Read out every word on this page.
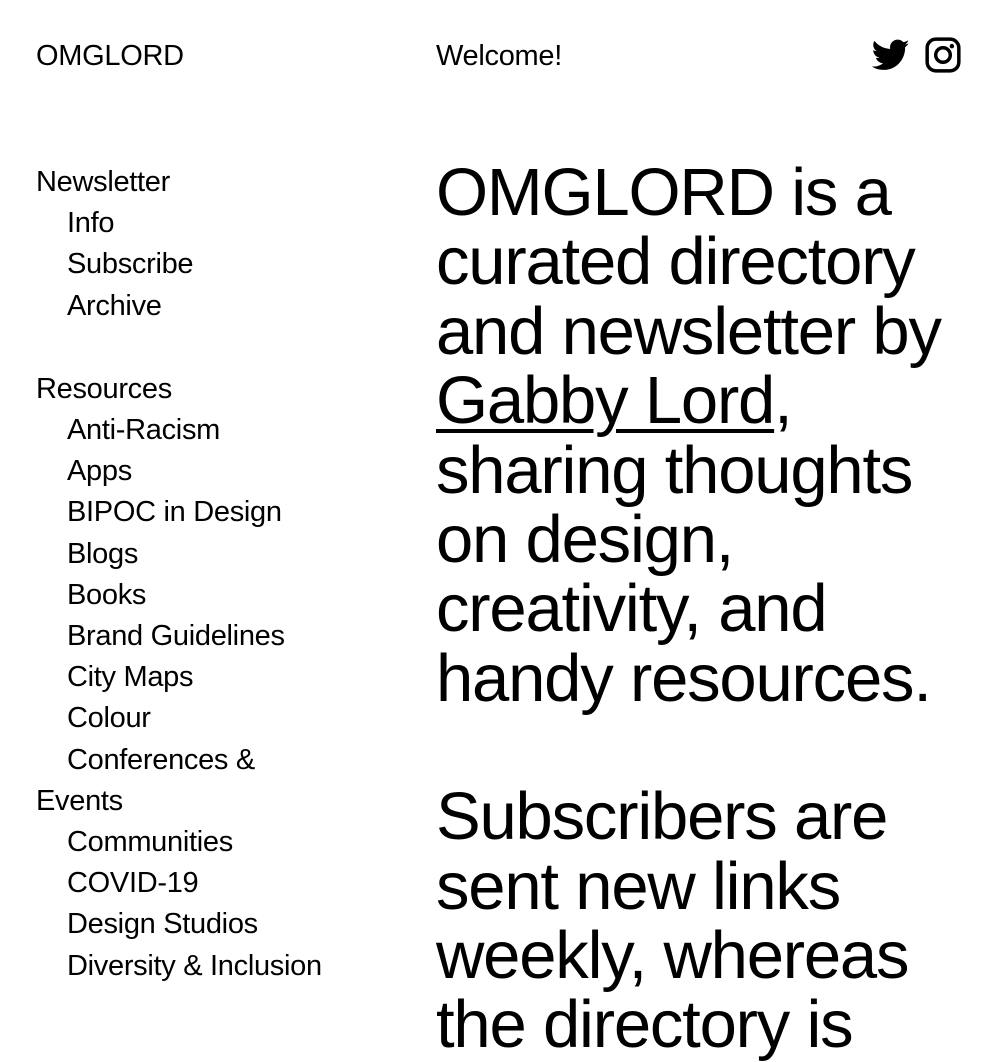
OMGLORD	Welcome!
Newsletter
Info
Subscribe
Archive
Resources
Anti-Racism
Apps
BIPOC in Design
Blogs
Books
Brand Guidelines
City Maps
Colour
Conferences & Events
Communities
COVID-19
Design Studios
Diversity & Inclusion

OMGLORD is a curated directory and newsletter by Gabby Lord, sharing thoughts on design, creativity, and handy resources.

Subscribers are sent new links weekly, whereas the directory is
